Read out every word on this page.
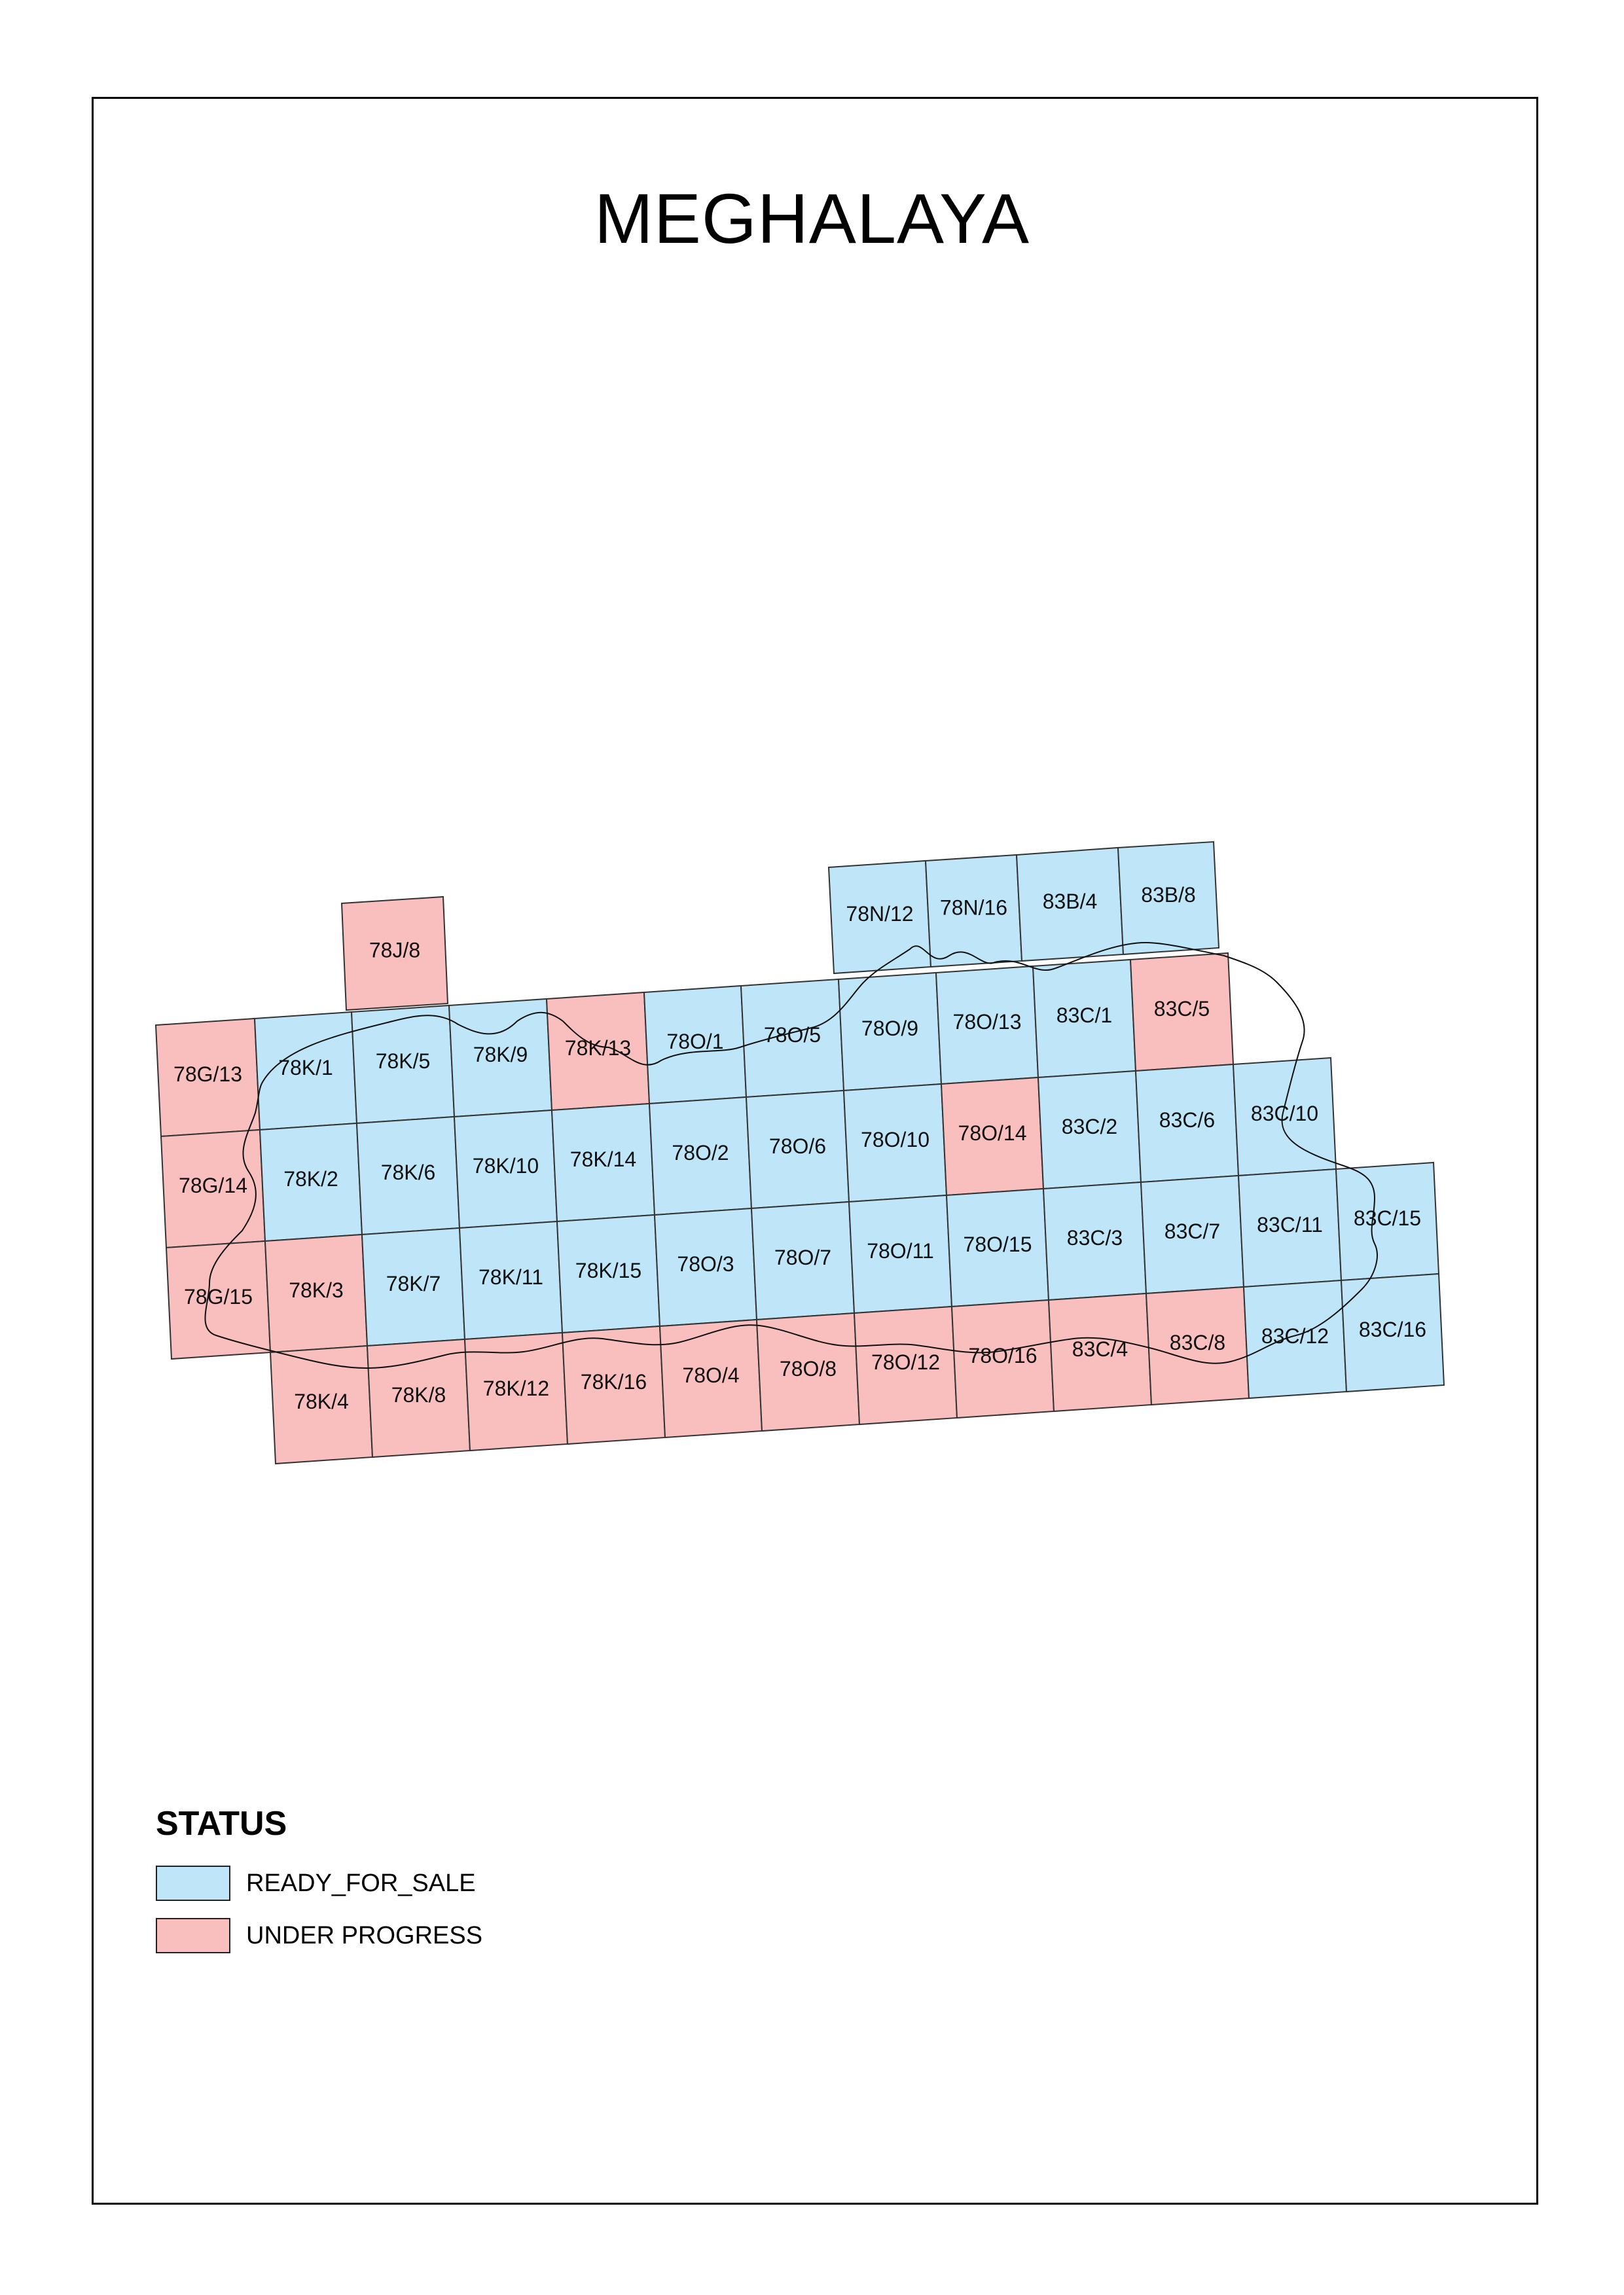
MEGHALAYA
78J/8
78N/12 78N/16 83B/4 83B/8
78G/13 78K/1 78K/5 78K/9 78K/13 78O/1 78O/5 78O/9 78O/13 83C/1 83C/5
78G/14 78K/2 78K/6 78K/10 78K/14 78O/2 78O/6 78O/10 78O/14 83C/2 83C/6 83C/10
78G/15 78K/3 78K/7 78K/11 78K/15 78O/3 78O/7 78O/11 78O/15 83C/3 83C/7 83C/11 83C/15
78K/4 78K/8 78K/12 78K/16 78O/4 78O/8 78O/12 78O/16 83C/4 83C/8 83C/12 83C/16
STATUS
READY_FOR_SALE
UNDER PROGRESS
